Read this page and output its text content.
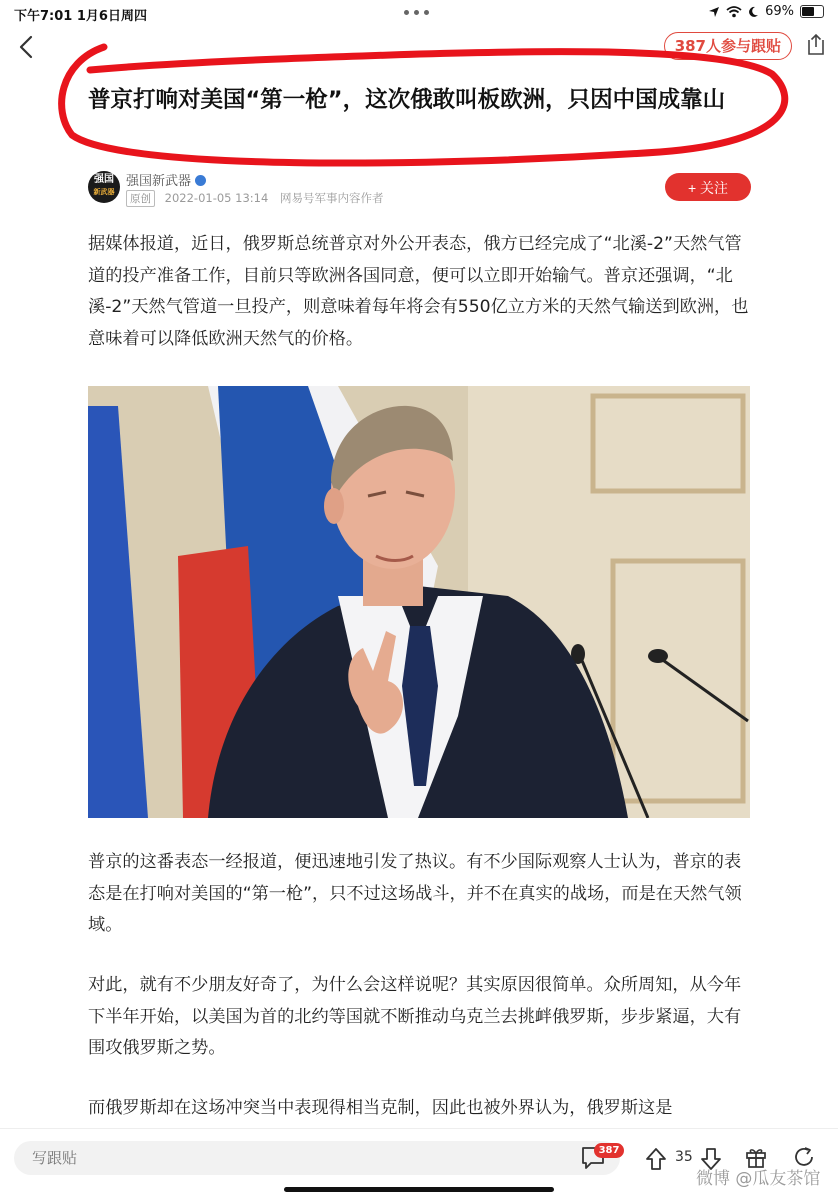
下午7:01 1月6日周四	69%
387人参与跟贴
普京打响对美国“第一枪”，这次俄敢叫板欧洲，只因中国成靠山
强国
新武器
强国新武器
原创 2022-01-05 13:14 网易号军事内容作者
+ 关注

据媒体报道，近日，俄罗斯总统普京对外公开表态，俄方已经完成了“北溪-2”天然气管道的投产准备工作，目前只等欧洲各国同意，便可以立即开始输气。普京还强调，“北溪-2”天然气管道一旦投产，则意味着每年将会有550亿立方米的天然气输送到欧洲，也意味着可以降低欧洲天然气的价格。

普京的这番表态一经报道，便迅速地引发了热议。有不少国际观察人士认为，普京的表态是在打响对美国的“第一枪”，只不过这场战斗，并不在真实的战场，而是在天然气领域。

对此，就有不少朋友好奇了，为什么会这样说呢？其实原因很简单。众所周知，从今年下半年开始，以美国为首的北约等国就不断推动乌克兰去挑衅俄罗斯，步步紧逼，大有围攻俄罗斯之势。

而俄罗斯却在这场冲突当中表现得相当克制，因此也被外界认为，俄罗斯这是

写跟贴
387	35
微博 @瓜友茶馆
